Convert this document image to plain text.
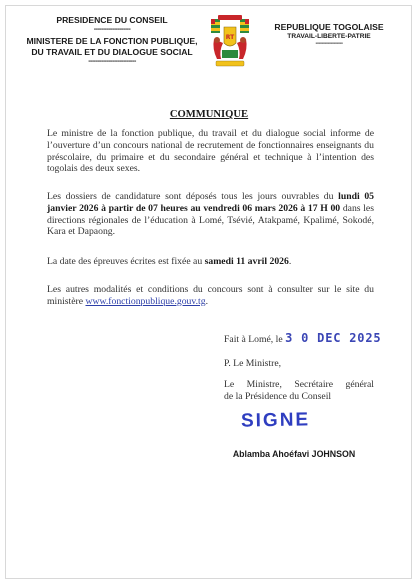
PRESIDENCE DU CONSEIL
--------------------
MINISTERE DE LA FONCTION PUBLIQUE,
DU TRAVAIL ET DU DIALOGUE SOCIAL
--------------------------
RT
REPUBLIQUE TOGOLAISE
TRAVAIL-LIBERTE-PATRIE
------------------
COMMUNIQUE
Le ministre de la fonction publique, du travail et du dialogue social informe de l’ouverture d’un concours national de recrutement de fonctionnaires enseignants du préscolaire, du primaire et du secondaire général et technique à l’intention des togolais des deux sexes.
Les dossiers de candidature sont déposés tous les jours ouvrables du lundi 05 janvier 2026 à partir de 07 heures au vendredi 06 mars 2026 à 17 H 00 dans les directions régionales de l’éducation à Lomé, Tsévié, Atakpamé, Kpalimé, Sokodé, Kara et Dapaong.
La date des épreuves écrites est fixée au samedi 11 avril 2026.
Les autres modalités et conditions du concours sont à consulter sur le site du ministère www.fonctionpublique.gouv.tg.
Fait à Lomé, le 3 0 DEC 2025
P. Le Ministre,
Le Ministre, Secrétaire général
de la Présidence du Conseil
SIGNE
Ablamba Ahoéfavi JOHNSON
